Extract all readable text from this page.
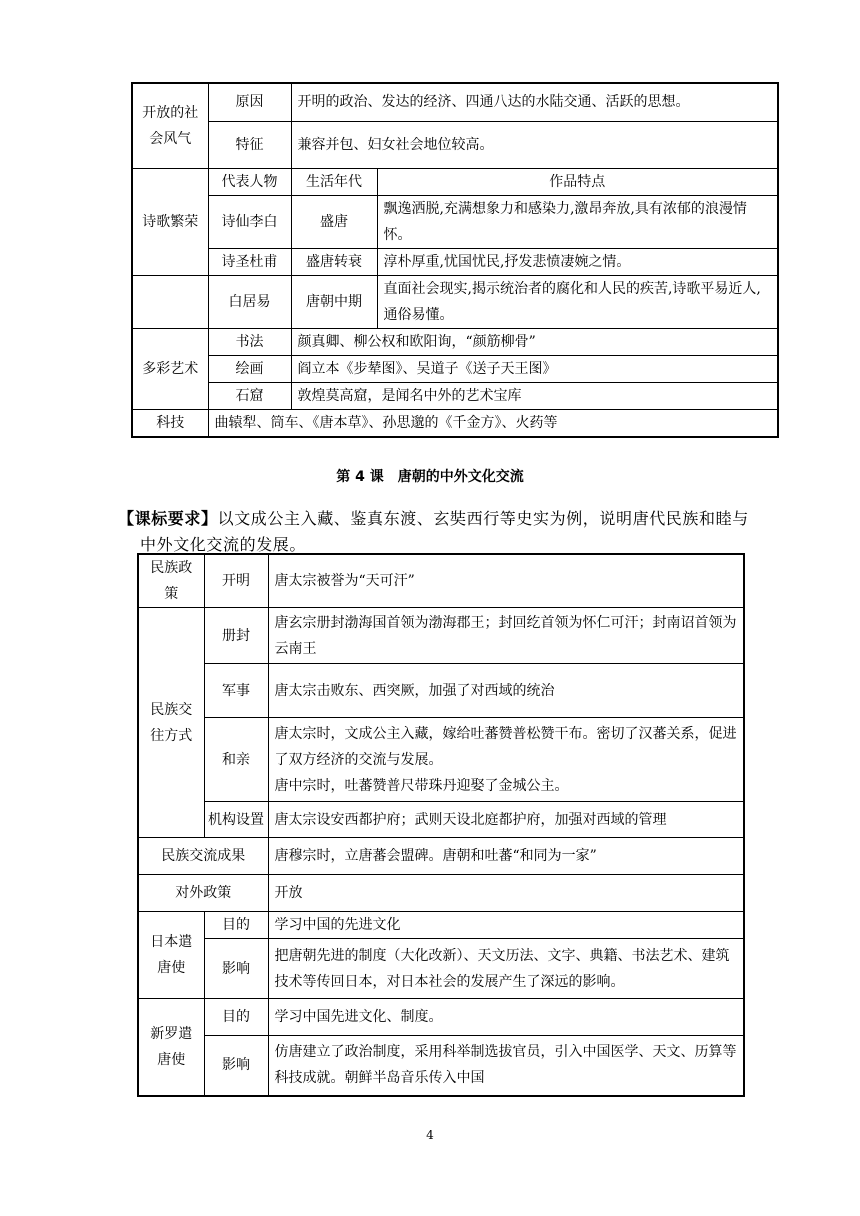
开放的社会风气	原因	开明的政治、发达的经济、四通八达的水陆交通、活跃的思想。	
	特征	兼容并包、妇女社会地位较高。	
诗歌繁荣	代表人物	生活年代	作品特点
	诗仙李白	盛唐	飘逸洒脱,充满想象力和感染力,激昂奔放,具有浓郁的浪漫情怀。
	诗圣杜甫	盛唐转衰	淳朴厚重,忧国忧民,抒发悲愤凄婉之情。
	白居易	唐朝中期	直面社会现实,揭示统治者的腐化和人民的疾苦,诗歌平易近人,通俗易懂。
多彩艺术	书法	颜真卿、柳公权和欧阳询，“颜筋柳骨”	
	绘画	阎立本《步辇图》、吴道子《送子天王图》	
	石窟	敦煌莫高窟，是闻名中外的艺术宝库	
科技	曲辕犁、筒车、《唐本草》、孙思邈的《千金方》、火药等		
第 4 课　唐朝的中外文化交流
【课标要求】以文成公主入藏、鉴真东渡、玄奘西行等史实为例，说明唐代民族和睦与
中外文化交流的发展。
民族政策	开明	唐太宗被誉为“天可汗”
民族交往方式	册封	唐玄宗册封渤海国首领为渤海郡王；封回纥首领为怀仁可汗；封南诏首领为云南王
	军事	唐太宗击败东、西突厥，加强了对西域的统治
	和亲	唐太宗时，文成公主入藏，嫁给吐蕃赞普松赞干布。密切了汉蕃关系，促进了双方经济的交流与发展。
唐中宗时，吐蕃赞普尺带珠丹迎娶了金城公主。

	机构设置	唐太宗设安西都护府；武则天设北庭都护府，加强对西域的管理
民族交流成果		唐穆宗时，立唐蕃会盟碑。唐朝和吐蕃“和同为一家”
对外政策		开放
日本遣唐使	目的	学习中国的先进文化
	影响	把唐朝先进的制度（大化改新）、天文历法、文字、典籍、书法艺术、建筑技术等传回日本，对日本社会的发展产生了深远的影响。
新罗遣唐使	目的	学习中国先进文化、制度。
	影响	仿唐建立了政治制度，采用科举制选拔官员，引入中国医学、天文、历算等科技成就。朝鲜半岛音乐传入中国
4
